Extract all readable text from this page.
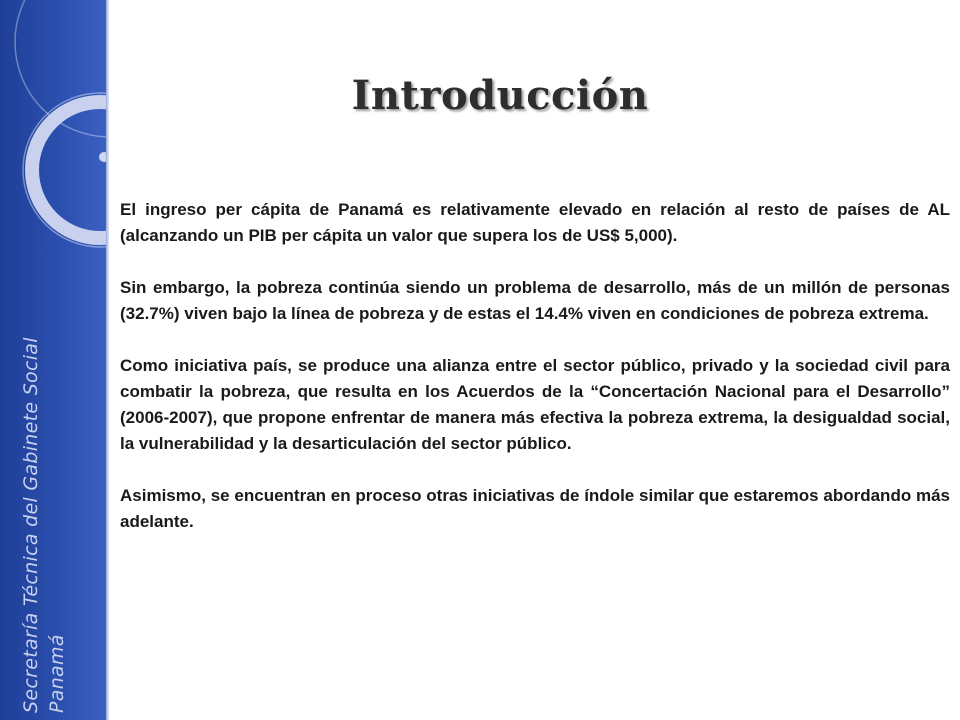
Secretaría Técnica del Gabinete Social Panamá
Introducción

El ingreso per cápita de Panamá es relativamente elevado en relación al resto de países de AL (alcanzando un PIB per cápita un valor que supera los de US$ 5,000).

Sin embargo, la pobreza continúa siendo un problema de desarrollo, más de un millón de personas (32.7%) viven bajo la línea de pobreza y de estas el 14.4% viven en condiciones de pobreza extrema.

Como iniciativa país, se produce una alianza entre el sector público, privado y la sociedad civil para combatir la pobreza, que resulta en los Acuerdos de la “Concertación Nacional para el Desarrollo” (2006-2007), que propone enfrentar de manera más efectiva la pobreza extrema, la desigualdad social, la vulnerabilidad y la desarticulación del sector público.

Asimismo, se encuentran en proceso otras iniciativas de índole similar que estaremos abordando más adelante.
